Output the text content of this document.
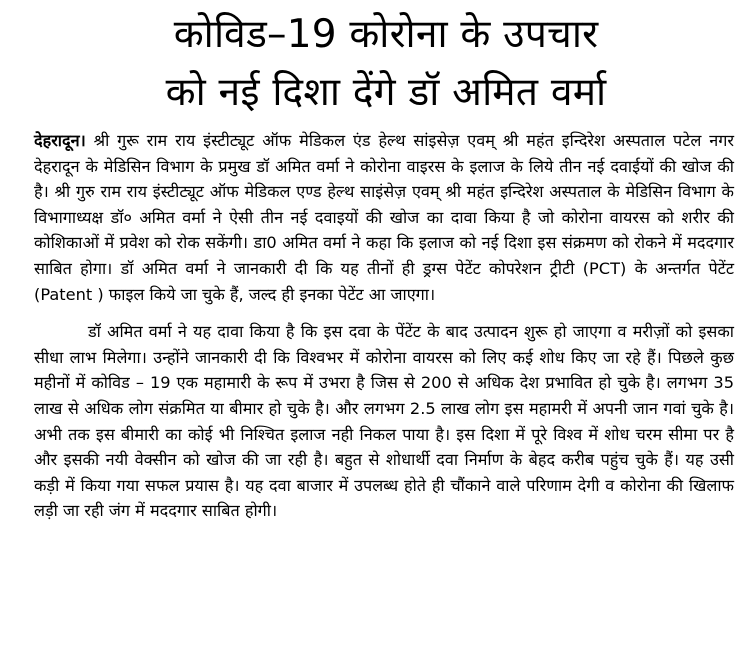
कोविड–19 कोरोना के उपचार
को नई दिशा देंगे डॉ अमित वर्मा

देहरादून। श्री गुरू राम राय इंस्टीट्यूट ऑफ मेडिकल एंड हेल्थ सांइसेज़ एवम् श्री महंत इन्दिरेश अस्पताल पटेल नगर देहरादून के मेडिसिन विभाग के प्रमुख डॉ अमित वर्मा ने कोरोना वाइरस के इलाज के लिये तीन नई दवाईयों की खोज की है। श्री गुरु राम राय इंस्टीट्यूट ऑफ मेडिकल एण्ड हेल्थ साइंसेज़ एवम् श्री महंत इन्दिरेश अस्पताल के मेडिसिन विभाग के विभागाध्यक्ष डॉ० अमित वर्मा ने ऐसी तीन नई दवाइयों की खोज का दावा किया है जो कोरोना वायरस को शरीर की कोशिकाओं में प्रवेश को रोक सकेंगी। डा0 अमित वर्मा ने कहा कि इलाज को नई दिशा इस संक्रमण को रोकने में मददगार साबित होगा। डॉ अमित वर्मा ने जानकारी दी कि यह तीनों ही ड्रग्स पेटेंट कोपरेशन ट्रीटी (PCT) के अन्तर्गत पेटेंट (Patent ) फाइल किये जा चुके हैं, जल्द ही इनका पेटेंट आ जाएगा।

डॉ अमित वर्मा ने यह दावा किया है कि इस दवा के पेंटेंट के बाद उत्पादन शुरू हो जाएगा व मरीज़ों को इसका सीधा लाभ मिलेगा। उन्होंने जानकारी दी कि विश्वभर में कोरोना वायरस को लिए कई शोध किए जा रहे हैं। पिछले कुछ महीनों में कोविड – 19 एक महामारी के रूप में उभरा है जिस से 200 से अधिक देश प्रभावित हो चुके है। लगभग 35 लाख से अधिक लोग संक्रमित या बीमार हो चुके है। और लगभग 2.5 लाख लोग इस महामरी में अपनी जान गवां चुके है। अभी तक इस बीमारी का कोई भी निश्चित इलाज नही निकल पाया है। इस दिशा में पूरे विश्व में शोध चरम सीमा पर है और इसकी नयी वेक्सीन को खोज की जा रही है। बहुत से शोधार्थी दवा निर्माण के बेहद करीब पहुंच चुके हैं। यह उसी कड़ी में किया गया सफल प्रयास है। यह दवा बाजार में उपलब्ध होते ही चौंकाने वाले परिणाम देगी व कोरोना की खिलाफ लड़ी जा रही जंग में मददगार साबित होगी।
